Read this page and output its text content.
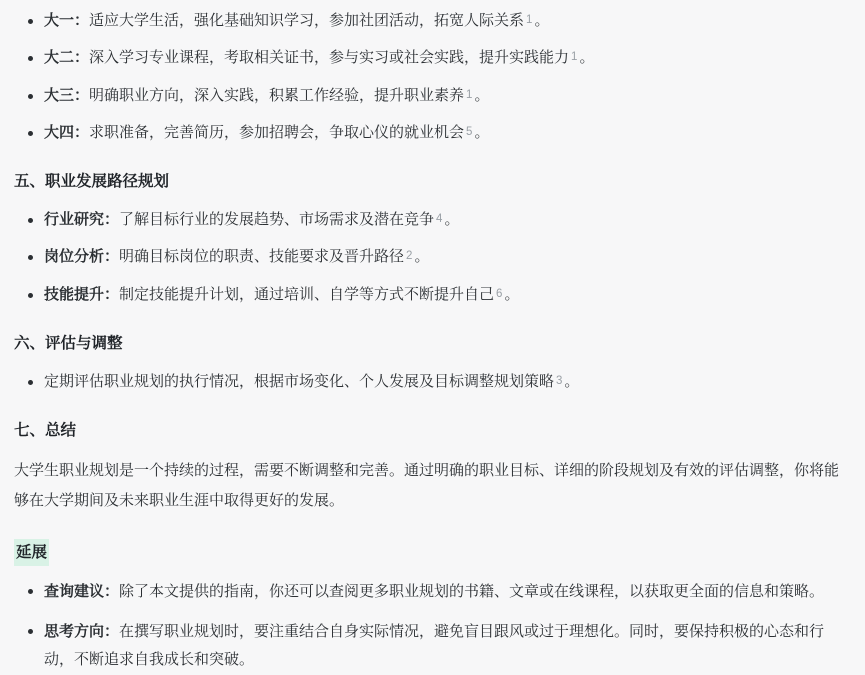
大一：适应大学生活，强化基础知识学习，参加社团活动，拓宽人际关系 1 。
大二：深入学习专业课程，考取相关证书，参与实习或社会实践，提升实践能力 1 。
大三：明确职业方向，深入实践，积累工作经验，提升职业素养 1 。
大四：求职准备，完善简历，参加招聘会，争取心仪的就业机会 5 。
五、职业发展路径规划
行业研究：了解目标行业的发展趋势、市场需求及潜在竞争 4 。
岗位分析：明确目标岗位的职责、技能要求及晋升路径 2 。
技能提升：制定技能提升计划，通过培训、自学等方式不断提升自己 6 。
六、评估与调整
定期评估职业规划的执行情况，根据市场变化、个人发展及目标调整规划策略 3 。
七、总结

大学生职业规划是一个持续的过程，需要不断调整和完善。通过明确的职业目标、详细的阶段规划及有效的评估调整，你将能够在大学期间及未来职业生涯中取得更好的发展。

延展
查询建议：除了本文提供的指南，你还可以查阅更多职业规划的书籍、文章或在线课程，以获取更全面的信息和策略。
思考方向：在撰写职业规划时，要注重结合自身实际情况，避免盲目跟风或过于理想化。同时，要保持积极的心态和行动，不断追求自我成长和突破。
